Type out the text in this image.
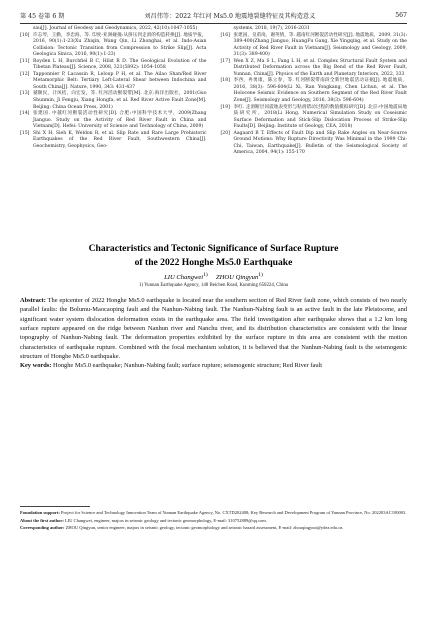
第 45 卷第 6 期	刘昌伟等：2022 年红河 Ms5.0 地震地裂缝特征及其构造意义	567
sau[J]. Journal of Geodesy and Geodynamics, 2022, 42(10):1047-1055)
[10] 许志琴，王勤，李忠海，等. 印度-亚洲碰撞:从挤压到走滑的构造转换[J]. 地质学报，2016, 90(1):1-23(Xu Zhiqin, Wang Qin, Li Zhonghai, et al. Indo-Asian Collision: Tectonic Transition from Compression to Strike Slip[J]. Acta Geologica Sinica, 2016, 90(1):1-23)
[11] Royden L H, Burchfiel B C, Hilst R D. The Geological Evolution of the Tibetan Plateau[J]. Science, 2008, 321(5892): 1054-1058
[12] Tapponnier P, Lacassin R, Leloup P H, et al. The Ailao Shan/Red River Metamorphic Belt: Tertiary Left-Lateral Shear between Indochina and South China[J]. Nature, 1990, 343: 431-437
[13] 虢顺民，计凤桔，向宏发，等. 红河活动断裂带[M]. 北京:海洋出版社，2001(Guo Shunmin, Ji Fengju, Xiang Hongfa, et al. Red River Active Fault Zone[M]. Beijing: China Ocean Press, 2001)
[14] 张建国. 中越红河断裂活动性研究[D]. 合肥:中国科学技术大学，2009(Zhang Jianguo. Study on the Activity of Red River Fault in China and Vietnam[D]. Hefei: University of Science and Technology of China, 2009)
[15] Shi X H, Sieh K, Weldon R, et al. Slip Rate and Rare Large Prehistoric Earthquakes of the Red River Fault, Southwestern China[J]. Geochemistry, Geophysics, Geo-
systems, 2018, 19(7), 2016-2031
[16] 张建国，皇甫岗，谢英情，等. 越南红河断裂活动性研究[J]. 地震地质，2009, 31(3): 389-400(Zhang Jianguo, HuangFu Gang, Xie Yingqing, et al. Study on the Activity of Red River Fault in Vietnam[J]. Seismology and Geology, 2009, 31(3): 389-400)
[17] Wen X Z, Ma S L, Fang L H, et al. Complex Structural Fault System and Distributed Deformation across the Big Bend of the Red River Fault, Yunnan, China[J]. Physics of the Earth and Planetary Interiors, 2022, 333
[18] 李西，冉勇康，陈立春，等. 红河断裂带南段全新世地震活动证据[J]. 地震地质，2016, 38(3): 596-604(Li Xi, Ran Yongkang, Chen Lichun, et al. The Holocene Seismic Evidence on Southern Segment of the Red River Fault Zone[J]. Seismology and Geology, 2016, 38(3): 596-604)
[19] 李红. 走滑断层同震地表变形与粘滑错动过程的数值模拟研究[D]. 北京:中国地震局地质研究所，2018(Li Hong. Numerical Simulation Study on Coseismic Surface Deformation and Stick-Slip Dislocation Process of Strike-Slip Faults[D]. Beijing: Institute of Geology, CEA, 2018)
[20] Aagaard B T. Effects of Fault Dip and Slip Rake Angles on Near-Source Ground Motions: Why Rupture Directivity Was Minimal in the 1999 Chi-Chi, Taiwan, Earthquake[J]. Bulletin of the Seismological Society of America, 2004, 94(1): 155-170
Characteristics and Tectonic Significance of Surface Rupture
of the 2022 Honghe Ms5.0 Earthquake
LIU Changwei$^{1)}$ ZHOU Qingyun$^{1)}$
1) Yunnan Earthquake Agency, 148 Beichen Road, Kunming 650224, China
Abstract: The epicenter of 2022 Honghe Ms5.0 earthquake is located near the southern section of Red River fault zone, which consists of two nearly parallel faults: the Bolumu-Maocaoping fault and the Nanhun-Nabing fault. The Nanhun-Nabing fault is an active fault in the late Pleistocene, and significant water system dislocation deformation exists in the earthquake area. The field investigation after earthquake shows that a 1.2 km long surface rupture appeared on the ridge between Nanhun river and Nanchu river, and its distribution characteristics are consistent with the linear topography of Nanhun-Nabing fault. The deformation properties exhibited by the surface rupture in this area are consistent with the motion characteristics of earthquake rupture. Combined with the focal mechanism solution, it is believed that the Nanhun-Nabing fault is the seismogenic structure of Honghe Ms5.0 earthquake.
Key words: Honghe Ms5.0 earthquake; Nanhun-Nabing fault; surface rupture; seismogenic structure; Red River fault

Foundation support: Project for Science and Technology Innovation Team of Yunnan Earthquake Agency, No. CXTD202408; Key Research and Development Program of Yunnan Province, No. 202203AC100003.

About the first author: LIU Changwei, engineer, majors in seismic geology and tectonic geomorphology, E-mail: 310752889@qq.com.

Corresponding author: ZHOU Qingyun, senior engineer, majors in seismic geology, tectonic geomorphology and seismic hazard assessment, E-mail: zhouqingyun@ydea.edu.cn.
